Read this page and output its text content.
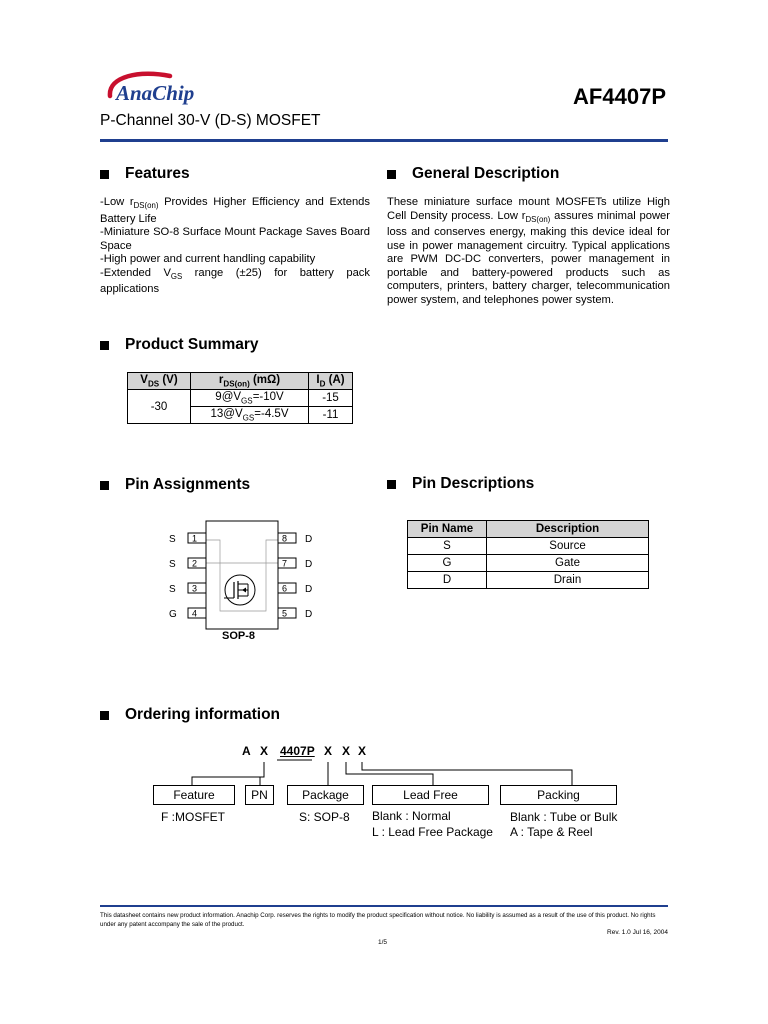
AnaChip	AF4407P
P-Channel 30-V (D-S) MOSFET
Features
-Low $r_{DS(on)}$ Provides Higher Efficiency and Extends Battery Life
-Miniature SO-8 Surface Mount Package Saves Board Space
-High power and current handling capability
-Extended $V_{GS}$ range (±25) for battery pack applications
General Description
These miniature surface mount MOSFETs utilize High Cell Density process. Low $r_{DS(on)}$ assures minimal power loss and conserves energy, making this device ideal for use in power management circuitry. Typical applications are PWM DC-DC converters, power management in portable and battery-powered products such as computers, printers, battery charger, telecommunication power system, and telephones power system.
Product Summary
$V_{DS}$ (V)	$r_{DS(on)}$ (mΩ)	$I_D$ (A)
-30	$9@V_{GS}=-10V$	-15
	$13@V_{GS}=-4.5V$	-11
Pin Assignments
1
S
2
S
3
S
4
G
8 D
7 D
6 D
5 D
SOP-8
Pin Descriptions
Pin Name	Description
S	Source
G	Gate
D	Drain
Ordering information
A X 4407P X X X
Feature	PN	Package	Lead Free	Packing
F :MOSFET	S: SOP-8 Blank : Normal
L : Lead Free Package
Blank : Tube or Bulk
A : Tape & Reel
This datasheet contains new product information. Anachip Corp. reserves the rights to modify the product specification without notice. No liability is assumed as a result of the use of this product. No rights under any patent accompany the sale of the product.
Rev. 1.0 Jul 16, 2004
1/5
